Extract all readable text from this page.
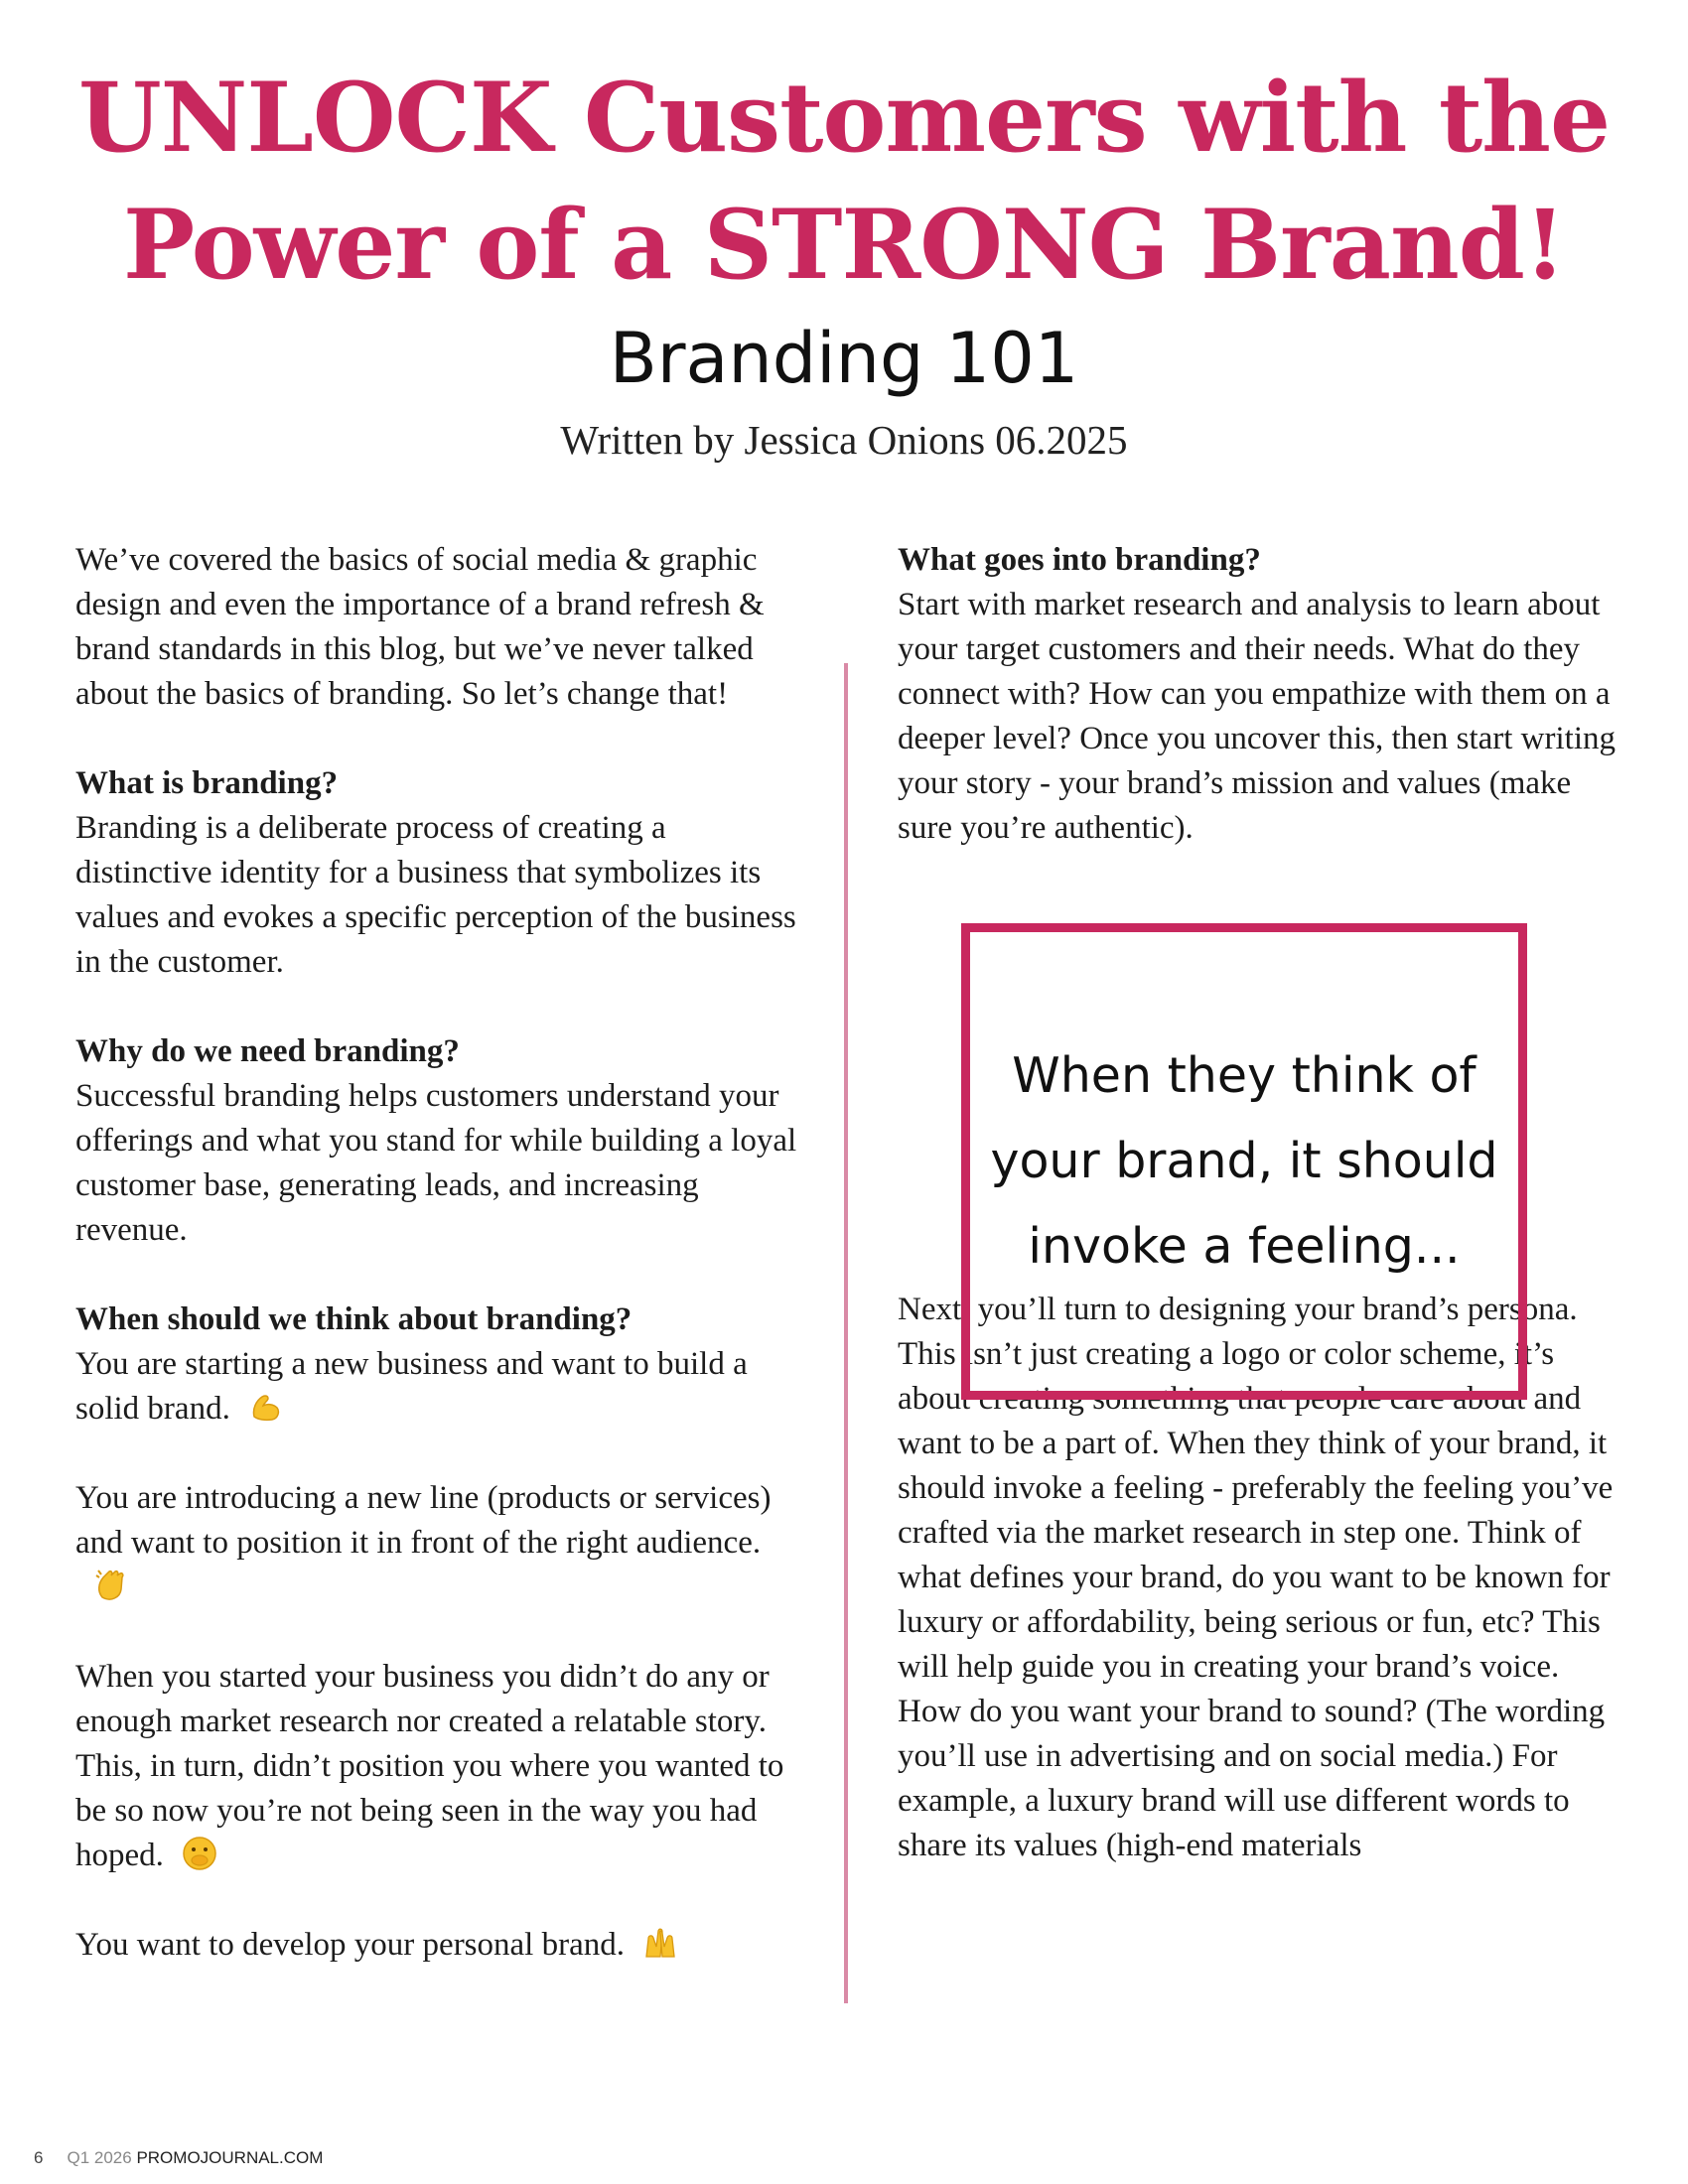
UNLOCK Customers with the
Power of a STRONG Brand!
Branding 101
Written by Jessica Onions 06.2025

We’ve covered the basics of social media & graphic design and even the importance of a brand refresh & brand standards in this blog, but we’ve never talked about the basics of branding. So let’s change that!

What is branding?

Branding is a deliberate process of creating a distinctive identity for a business that symbolizes its values and evokes a specific perception of the business in the customer.

Why do we need branding?

Successful branding helps customers understand your offerings and what you stand for while building a loyal customer base, generating leads, and increasing revenue.

When should we think about branding?

You are starting a new business and want to build a solid brand.

You are introducing a new line (products or services) and want to position it in front of the right audience.

When you started your business you didn’t do any or enough market research nor created a relatable story. This, in turn, didn’t position you where you wanted to be so now you’re not being seen in the way you had hoped.

You want to develop your personal brand.

What goes into branding?

Start with market research and analysis to learn about your target customers and their needs. What do they connect with? How can you empathize with them on a deeper level? Once you uncover this, then start writing your story - your brand’s mission and values (make sure you’re authentic).

Next, you’ll turn to designing your brand’s persona. This isn’t just creating a logo or color scheme, it’s about creating something that people care about and want to be a part of. When they think of your brand, it should invoke a feeling - preferably the feeling you’ve crafted via the market research in step one. Think of what defines your brand, do you want to be known for luxury or affordability, being serious or fun, etc? This will help guide you in creating your brand’s voice. How do you want your brand to sound? (The wording you’ll use in advertising and on social media.) For example, a luxury brand will use different words to share its values (high-end materials

When they think of your brand, it should invoke a feeling...

6 Q1 2026 PROMOJOURNAL.COM
